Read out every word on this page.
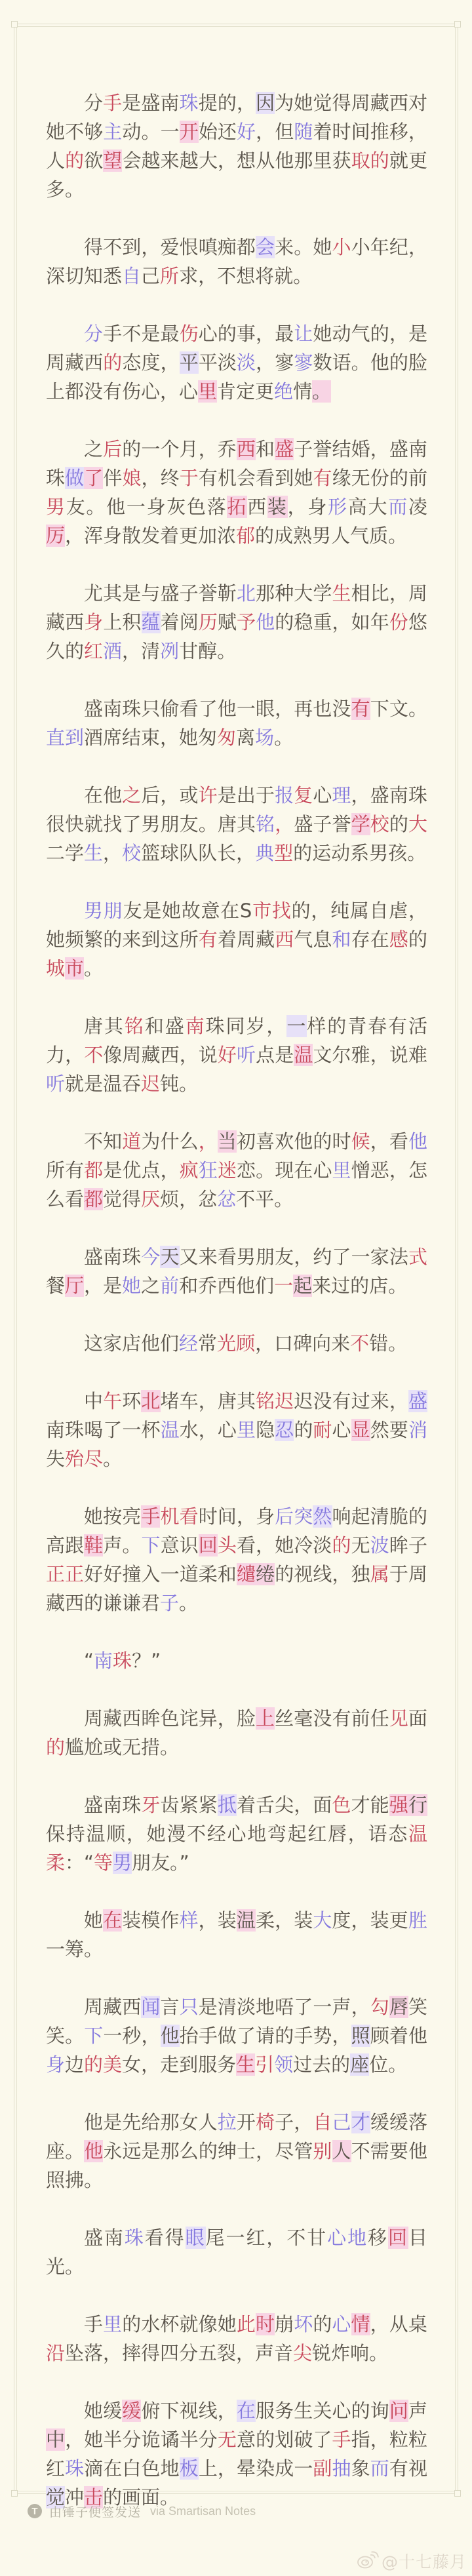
分手是盛南珠提的，因为她觉得周藏西对她不够主动。一开始还好，但随着时间推移，人的欲望会越来越大，想从他那里获取的就更多。

得不到，爱恨嗔痴都会来。她小小年纪，深切知悉自己所求，不想将就。

分手不是最伤心的事，最让她动气的，是周藏西的态度，平平淡淡，寥寥数语。他的脸上都没有伤心，心里肯定更绝情。

之后的一个月，乔西和盛子誉结婚，盛南珠做了伴娘，终于有机会看到她有缘无份的前男友。他一身灰色落拓西装，身形高大而凌厉，浑身散发着更加浓郁的成熟男人气质。

尤其是与盛子誉靳北那种大学生相比，周藏西身上积蕴着阅历赋予他的稳重，如年份悠久的红酒，清冽甘醇。

盛南珠只偷看了他一眼，再也没有下文。直到酒席结束，她匆匆离场。

在他之后，或许是出于报复心理，盛南珠很快就找了男朋友。唐其铭，盛子誉学校的大二学生，校篮球队队长，典型的运动系男孩。

男朋友是她故意在S市找的，纯属自虐，她频繁的来到这所有着周藏西气息和存在感的城市。

唐其铭和盛南珠同岁，一样的青春有活力，不像周藏西，说好听点是温文尔雅，说难听就是温吞迟钝。

不知道为什么，当初喜欢他的时候，看他所有都是优点，疯狂迷恋。现在心里憎恶，怎么看都觉得厌烦，忿忿不平。

盛南珠今天又来看男朋友，约了一家法式餐厅，是她之前和乔西他们一起来过的店。

这家店他们经常光顾，口碑向来不错。

中午环北堵车，唐其铭迟迟没有过来，盛南珠喝了一杯温水，心里隐忍的耐心显然要消失殆尽。

她按亮手机看时间，身后突然响起清脆的高跟鞋声。下意识回头看，她冷淡的无波眸子正正好好撞入一道柔和缱绻的视线，独属于周藏西的谦谦君子。

“南珠？”

周藏西眸色诧异，脸上丝毫没有前任见面的尴尬或无措。

盛南珠牙齿紧紧抵着舌尖，面色才能强行保持温顺，她漫不经心地弯起红唇，语态温柔：“等男朋友。”

她在装模作样，装温柔，装大度，装更胜一筹。

周藏西闻言只是清淡地唔了一声，勾唇笑笑。下一秒，他抬手做了请的手势，照顾着他身边的美女，走到服务生引领过去的座位。

他是先给那女人拉开椅子，自己才缓缓落座。他永远是那么的绅士，尽管别人不需要他照拂。

盛南珠看得眼尾一红，不甘心地移回目光。

手里的水杯就像她此时崩坏的心情，从桌沿坠落，摔得四分五裂，声音尖锐炸响。

她缓缓俯下视线，在服务生关心的询问声中，她半分诡谲半分无意的划破了手指，粒粒红珠滴在白色地板上，晕染成一副抽象而有视觉冲击的画面。

T 由锤子便签发送 via Smartisan Notes
@十七藤月
